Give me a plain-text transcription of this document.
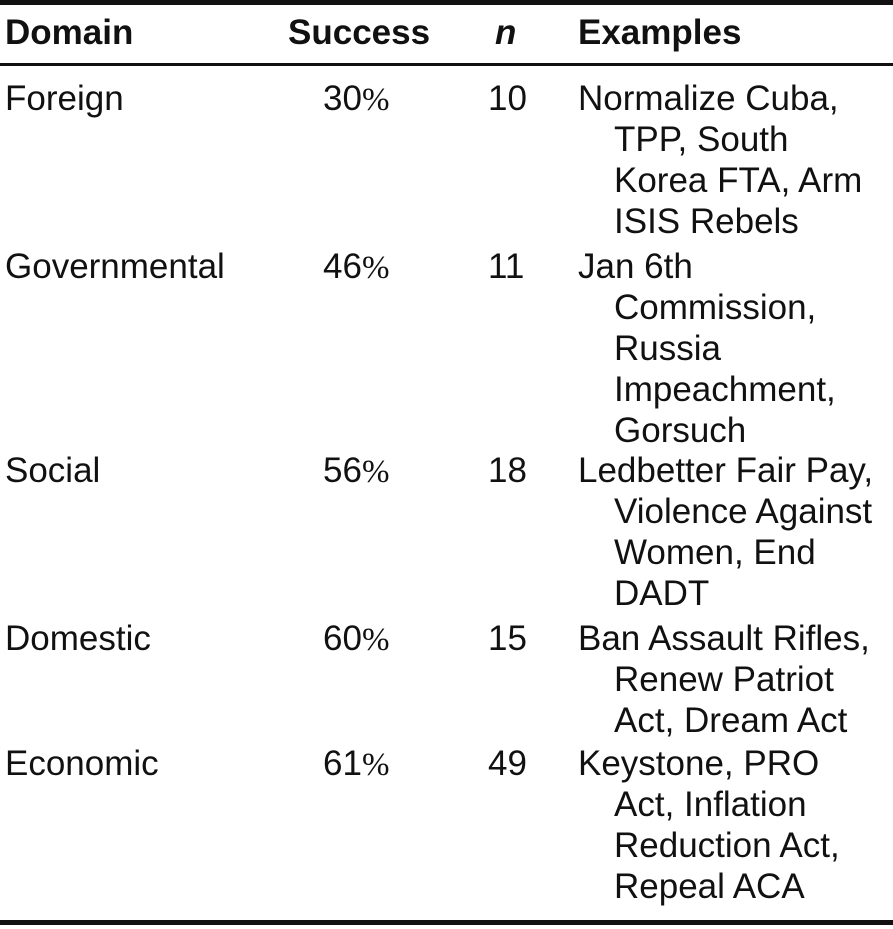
Domain	Success n Examples
Foreign	30%	10 Normalize Cuba,
TPP, South
Korea FTA, Arm
ISIS Rebels
Governmental	46%	11 Jan 6th
Commission,
Russia
Impeachment,
Gorsuch
Social	56%	18 Ledbetter Fair Pay,
Violence Against
Women, End
DADT
Domestic	60%	15 Ban Assault Rifles,
Renew Patriot
Act, Dream Act
Economic	61%	49 Keystone, PRO
Act, Inflation
Reduction Act,
Repeal ACA
